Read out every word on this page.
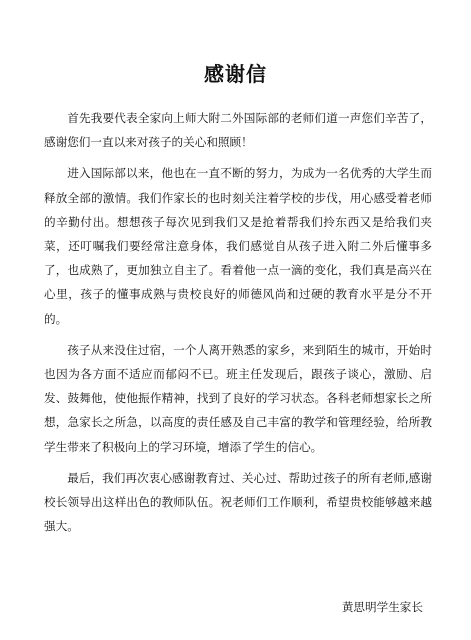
感谢信

首先我要代表全家向上师大附二外国际部的老师们道一声您们辛苦了， 感谢您们一直以来对孩子的关心和照顾！

进入国际部以来，他也在一直不断的努力，为成为一名优秀的大学生而释放全部的激情。我们作家长的也时刻关注着学校的步伐，用心感受着老师的辛勤付出。想想孩子每次见到我们又是抢着帮我们拎东西又是给我们夹菜，还叮嘱我们要经常注意身体，我们感觉自从孩子进入附二外后懂事多了，也成熟了，更加独立自主了。看着他一点一滴的变化，我们真是高兴在心里，孩子的懂事成熟与贵校良好的师德风尚和过硬的教育水平是分不开的。

孩子从来没住过宿，一个人离开熟悉的家乡，来到陌生的城市，开始时也因为各方面不适应而郁闷不已。班主任发现后，跟孩子谈心，激励、启发、鼓舞他，使他振作精神，找到了良好的学习状态。各科老师想家长之所想，急家长之所急，以高度的责任感及自己丰富的教学和管理经验，给所教学生带来了积极向上的学习环境，增添了学生的信心。

最后，我们再次衷心感谢教育过、关心过、帮助过孩子的所有老师,感谢校长领导出这样出色的教师队伍。祝老师们工作顺利，希望贵校能够越来越强大。

黄思明学生家长
